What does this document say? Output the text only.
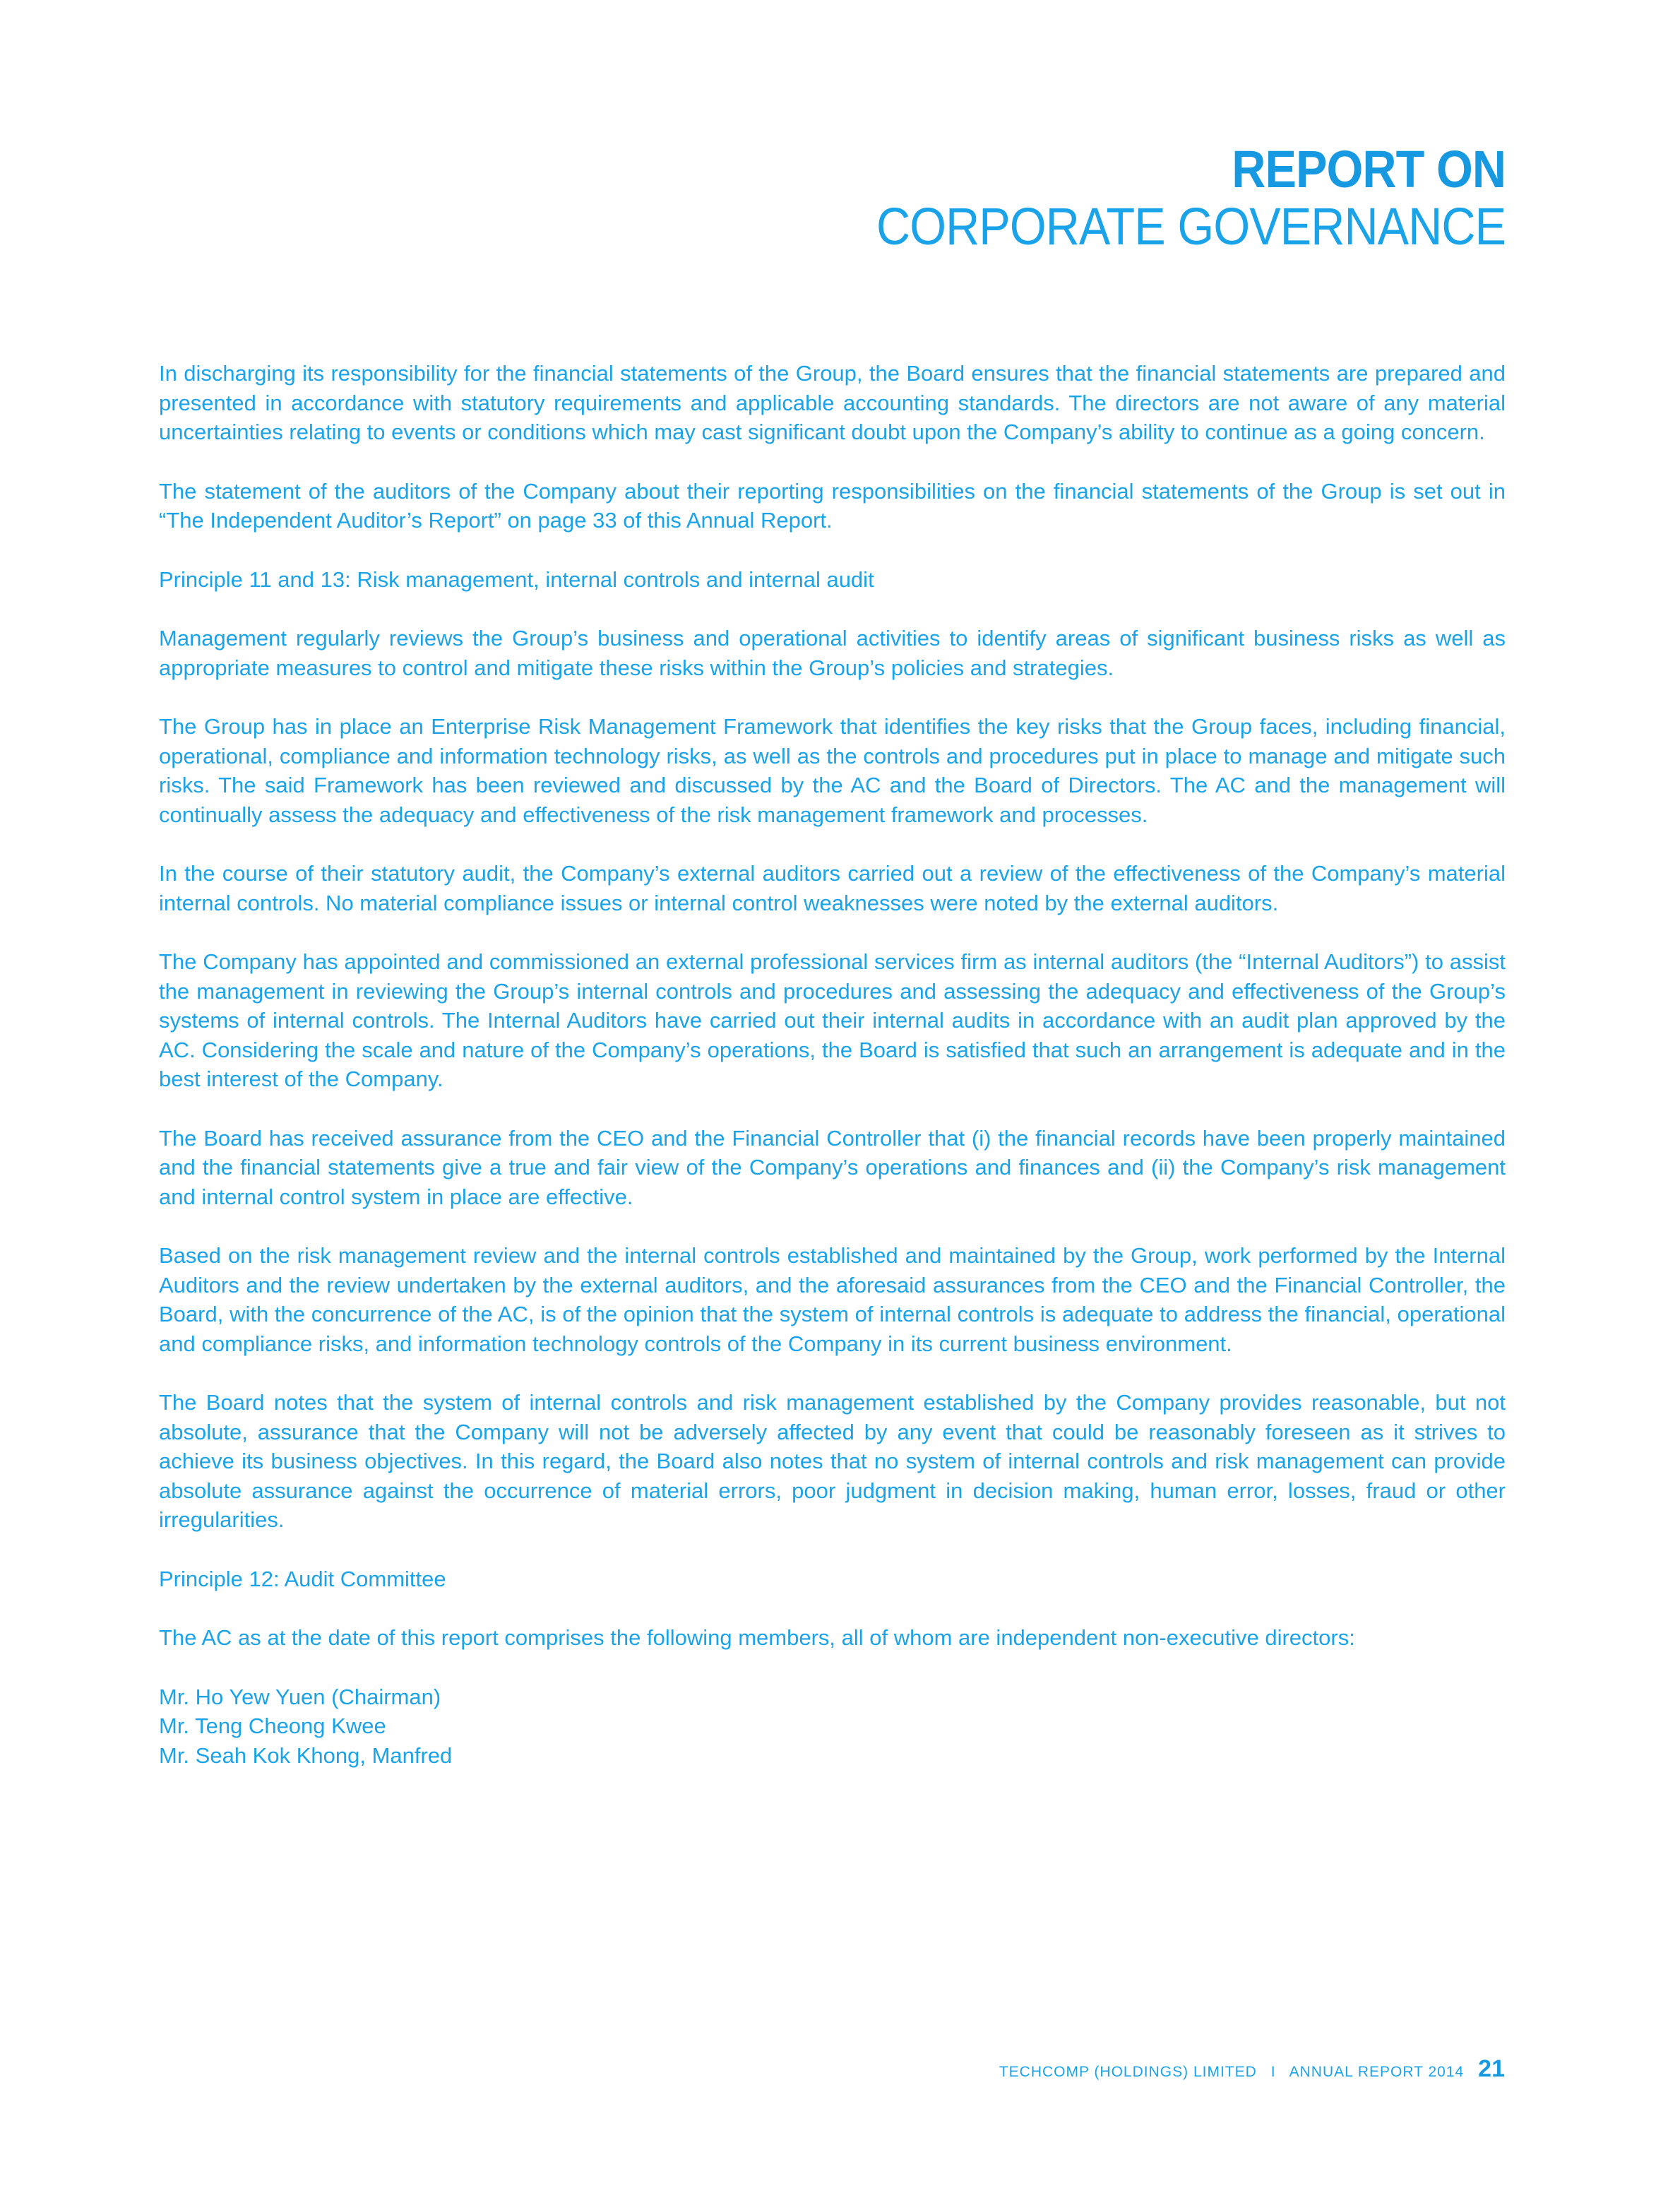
REPORT ON
CORPORATE GOVERNANCE

In discharging its responsibility for the financial statements of the Group, the Board ensures that the financial statements are prepared and presented in accordance with statutory requirements and applicable accounting standards. The directors are not aware of any material uncertainties relating to events or conditions which may cast significant doubt upon the Company’s ability to continue as a going concern.

The statement of the auditors of the Company about their reporting responsibilities on the financial statements of the Group is set out in “The Independent Auditor’s Report” on page 33 of this Annual Report.

Principle 11 and 13: Risk management, internal controls and internal audit

Management regularly reviews the Group’s business and operational activities to identify areas of significant business risks as well as appropriate measures to control and mitigate these risks within the Group’s policies and strategies.

The Group has in place an Enterprise Risk Management Framework that identifies the key risks that the Group faces, including financial, operational, compliance and information technology risks, as well as the controls and procedures put in place to manage and mitigate such risks. The said Framework has been reviewed and discussed by the AC and the Board of Directors. The AC and the management will continually assess the adequacy and effectiveness of the risk management framework and processes.

In the course of their statutory audit, the Company’s external auditors carried out a review of the effectiveness of the Company’s material internal controls. No material compliance issues or internal control weaknesses were noted by the external auditors.

The Company has appointed and commissioned an external professional services firm as internal auditors (the “Internal Auditors”) to assist the management in reviewing the Group’s internal controls and procedures and assessing the adequacy and effectiveness of the Group’s systems of internal controls. The Internal Auditors have carried out their internal audits in accordance with an audit plan approved by the AC. Considering the scale and nature of the Company’s operations, the Board is satisfied that such an arrangement is adequate and in the best interest of the Company.

The Board has received assurance from the CEO and the Financial Controller that (i) the financial records have been properly maintained and the financial statements give a true and fair view of the Company’s operations and finances and (ii) the Company’s risk management and internal control system in place are effective.

Based on the risk management review and the internal controls established and maintained by the Group, work performed by the Internal Auditors and the review undertaken by the external auditors, and the aforesaid assurances from the CEO and the Financial Controller, the Board, with the concurrence of the AC, is of the opinion that the system of internal controls is adequate to address the financial, operational and compliance risks, and information technology controls of the Company in its current business environment.

The Board notes that the system of internal controls and risk management established by the Company provides reasonable, but not absolute, assurance that the Company will not be adversely affected by any event that could be reasonably foreseen as it strives to achieve its business objectives. In this regard, the Board also notes that no system of internal controls and risk management can provide absolute assurance against the occurrence of material errors, poor judgment in decision making, human error, losses, fraud or other irregularities.

Principle 12: Audit Committee

The AC as at the date of this report comprises the following members, all of whom are independent non-executive directors:

Mr. Ho Yew Yuen (Chairman)
Mr. Teng Cheong Kwee
Mr. Seah Kok Khong, Manfred
TECHCOMP (HOLDINGS) LIMITED I ANNUAL REPORT 2014 21
